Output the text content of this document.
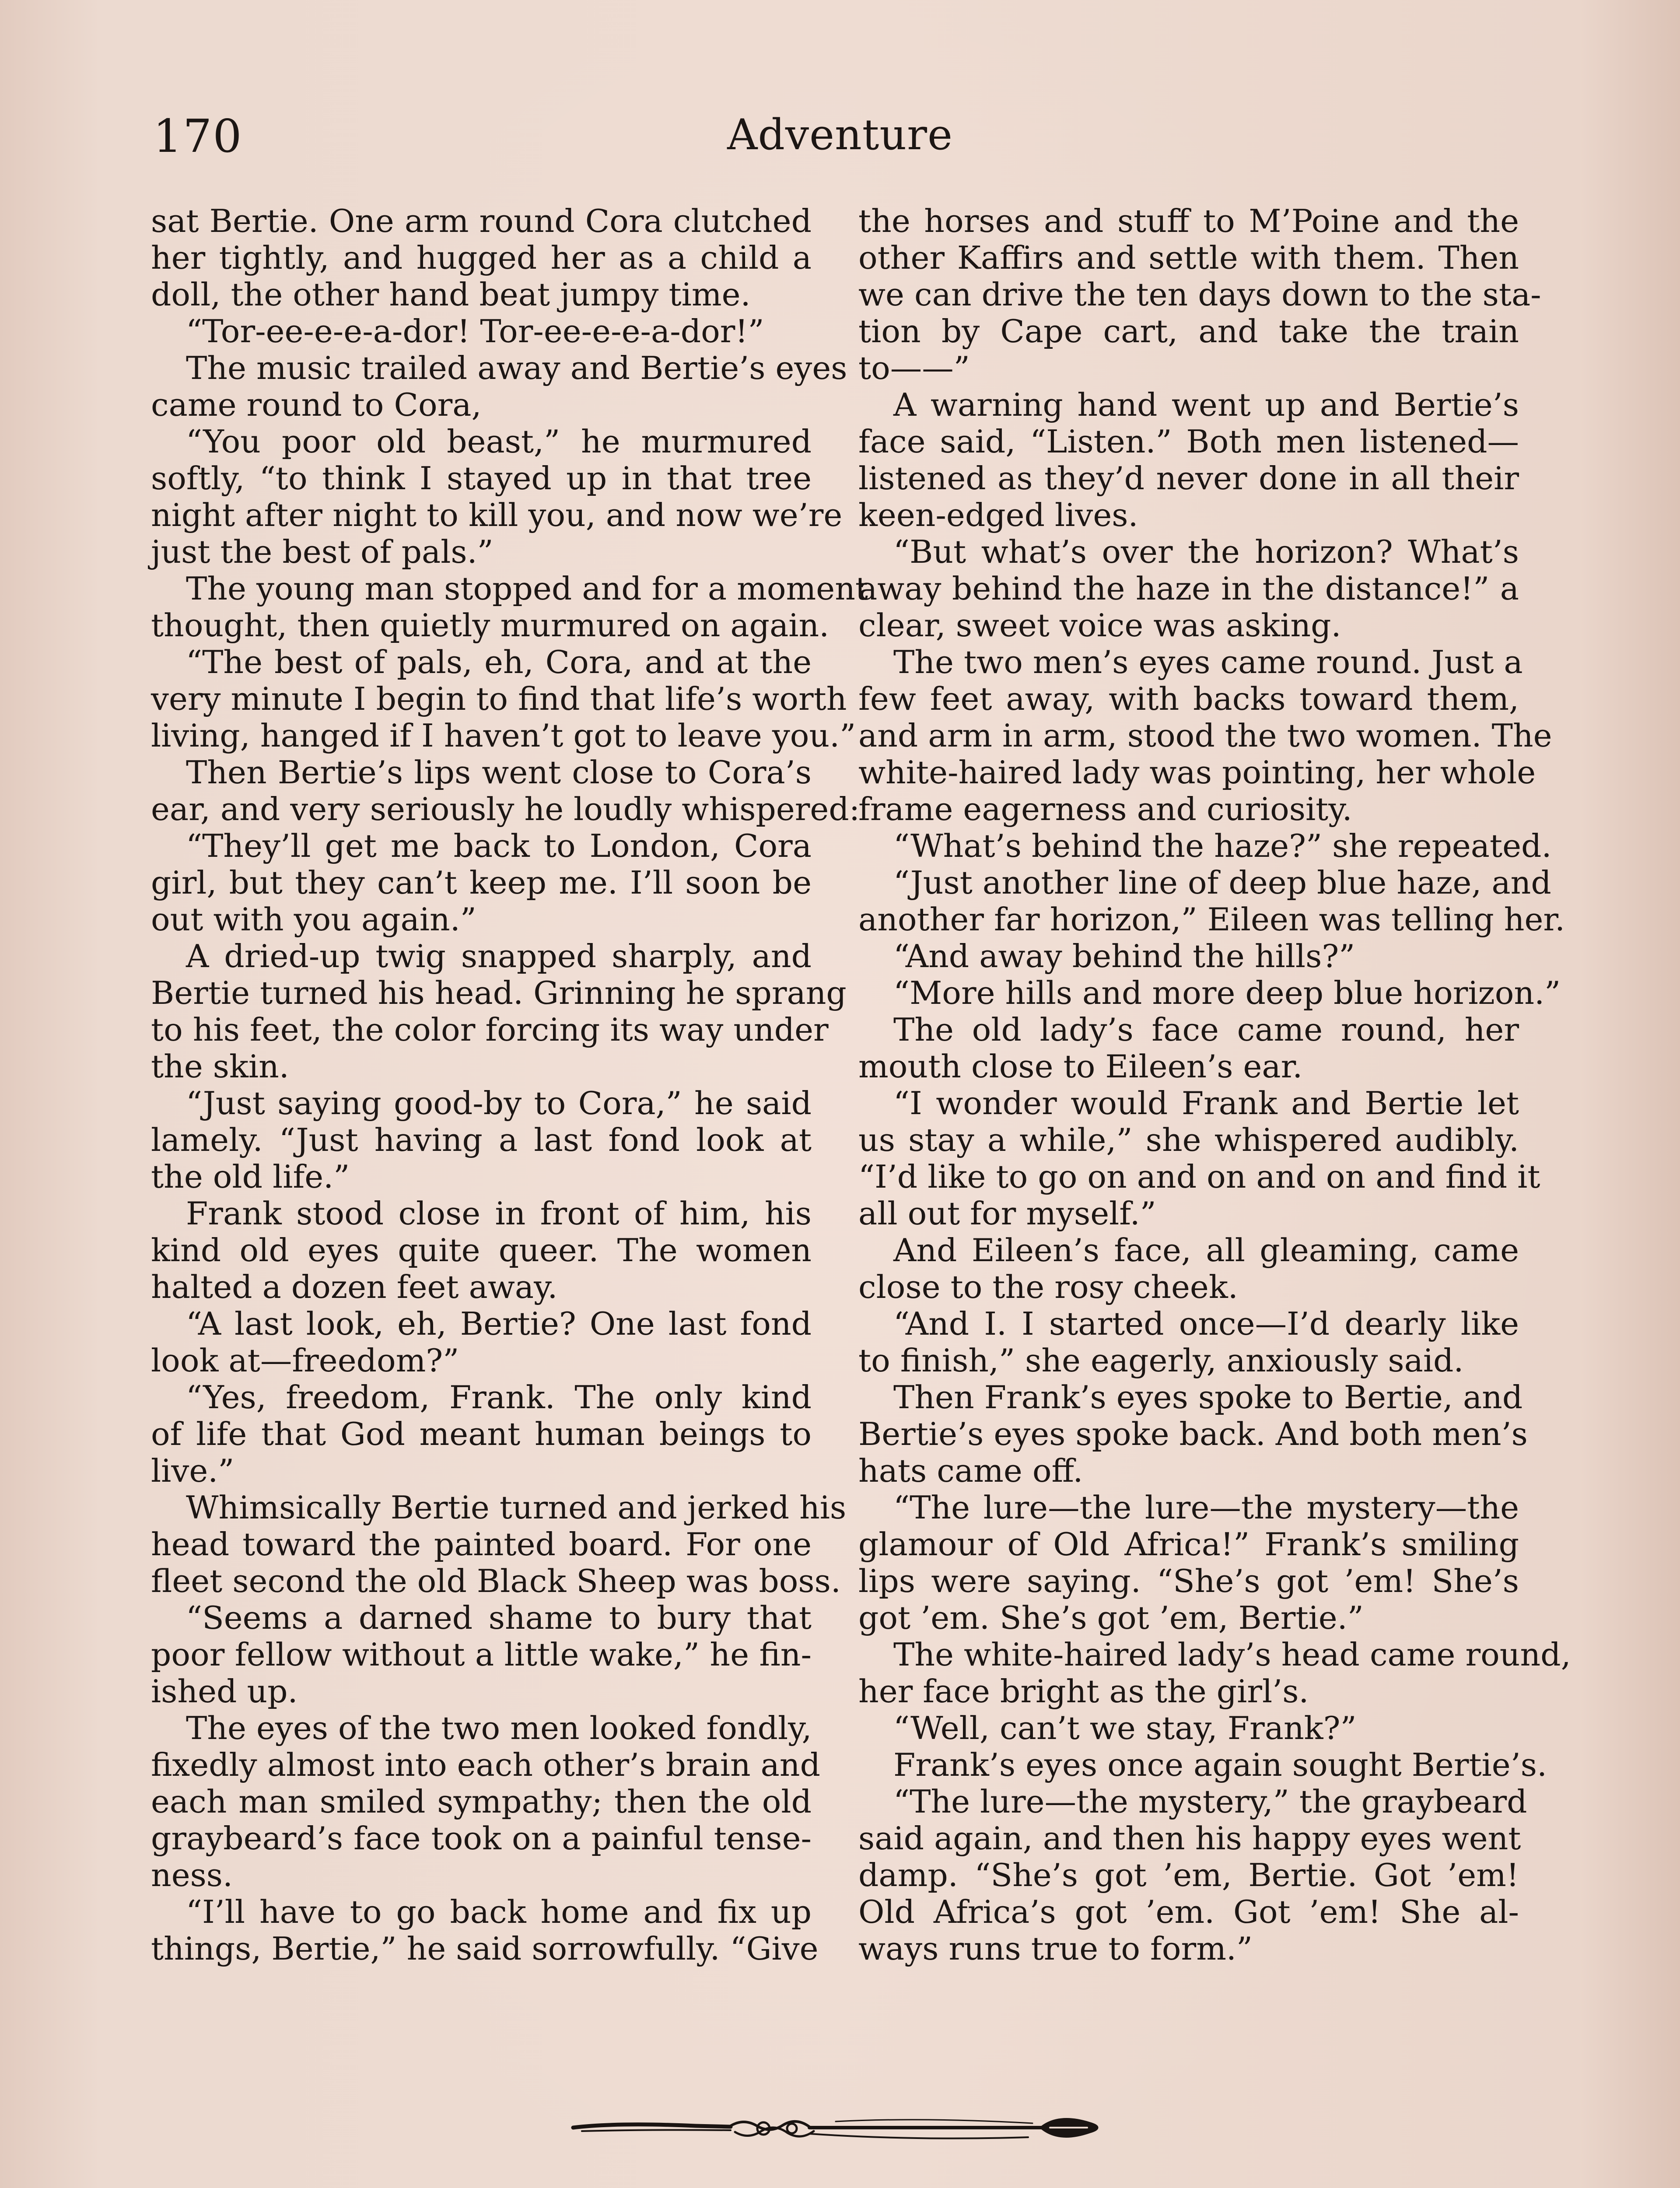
170	Adventure
sat Bertie. One arm round Cora clutched
her tightly, and hugged her as a child a
doll, the other hand beat jumpy time.
“Tor-ee-e-e-a-dor! Tor-ee-e-e-a-dor!”
The music trailed away and Bertie’s eyes
came round to Cora,
“You poor old beast,” he murmured
softly, “to think I stayed up in that tree
night after night to kill you, and now we’re
just the best of pals.”
The young man stopped and for a moment
thought, then quietly murmured on again.
“The best of pals, eh, Cora, and at the
very minute I begin to find that life’s worth
living, hanged if I haven’t got to leave you.”
Then Bertie’s lips went close to Cora’s
ear, and very seriously he loudly whispered:
“They’ll get me back to London, Cora
girl, but they can’t keep me. I’ll soon be
out with you again.”
A dried-up twig snapped sharply, and
Bertie turned his head. Grinning he sprang
to his feet, the color forcing its way under
the skin.
“Just saying good-by to Cora,” he said
lamely. “Just having a last fond look at
the old life.”
Frank stood close in front of him, his
kind old eyes quite queer. The women
halted a dozen feet away.
“A last look, eh, Bertie? One last fond
look at—freedom?”
“Yes, freedom, Frank. The only kind
of life that God meant human beings to
live.”
Whimsically Bertie turned and jerked his
head toward the painted board. For one
fleet second the old Black Sheep was boss.
“Seems a darned shame to bury that
poor fellow without a little wake,” he fin-
ished up.
The eyes of the two men looked fondly,
fixedly almost into each other’s brain and
each man smiled sympathy; then the old
graybeard’s face took on a painful tense-
ness.
“I’ll have to go back home and fix up
things, Bertie,” he said sorrowfully. “Give
the horses and stuff to M’Poine and the
other Kaffirs and settle with them. Then
we can drive the ten days down to the sta-
tion by Cape cart, and take the train
to——”
A warning hand went up and Bertie’s
face said, “Listen.” Both men listened—
listened as they’d never done in all their
keen-edged lives.
“But what’s over the horizon? What’s
away behind the haze in the distance!” a
clear, sweet voice was asking.
The two men’s eyes came round. Just a
few feet away, with backs toward them,
and arm in arm, stood the two women. The
white-haired lady was pointing, her whole
frame eagerness and curiosity.
“What’s behind the haze?” she repeated.
“Just another line of deep blue haze, and
another far horizon,” Eileen was telling her.
“And away behind the hills?”
“More hills and more deep blue horizon.”
The old lady’s face came round, her
mouth close to Eileen’s ear.
“I wonder would Frank and Bertie let
us stay a while,” she whispered audibly.
“I’d like to go on and on and on and find it
all out for myself.”
And Eileen’s face, all gleaming, came
close to the rosy cheek.
“And I. I started once—I’d dearly like
to finish,” she eagerly, anxiously said.
Then Frank’s eyes spoke to Bertie, and
Bertie’s eyes spoke back. And both men’s
hats came off.
“The lure—the lure—the mystery—the
glamour of Old Africa!” Frank’s smiling
lips were saying. “She’s got ’em! She’s
got ’em. She’s got ’em, Bertie.”
The white-haired lady’s head came round,
her face bright as the girl’s.
“Well, can’t we stay, Frank?”
Frank’s eyes once again sought Bertie’s.
“The lure—the mystery,” the graybeard
said again, and then his happy eyes went
damp. “She’s got ’em, Bertie. Got ’em!
Old Africa’s got ’em. Got ’em! She al-
ways runs true to form.”
